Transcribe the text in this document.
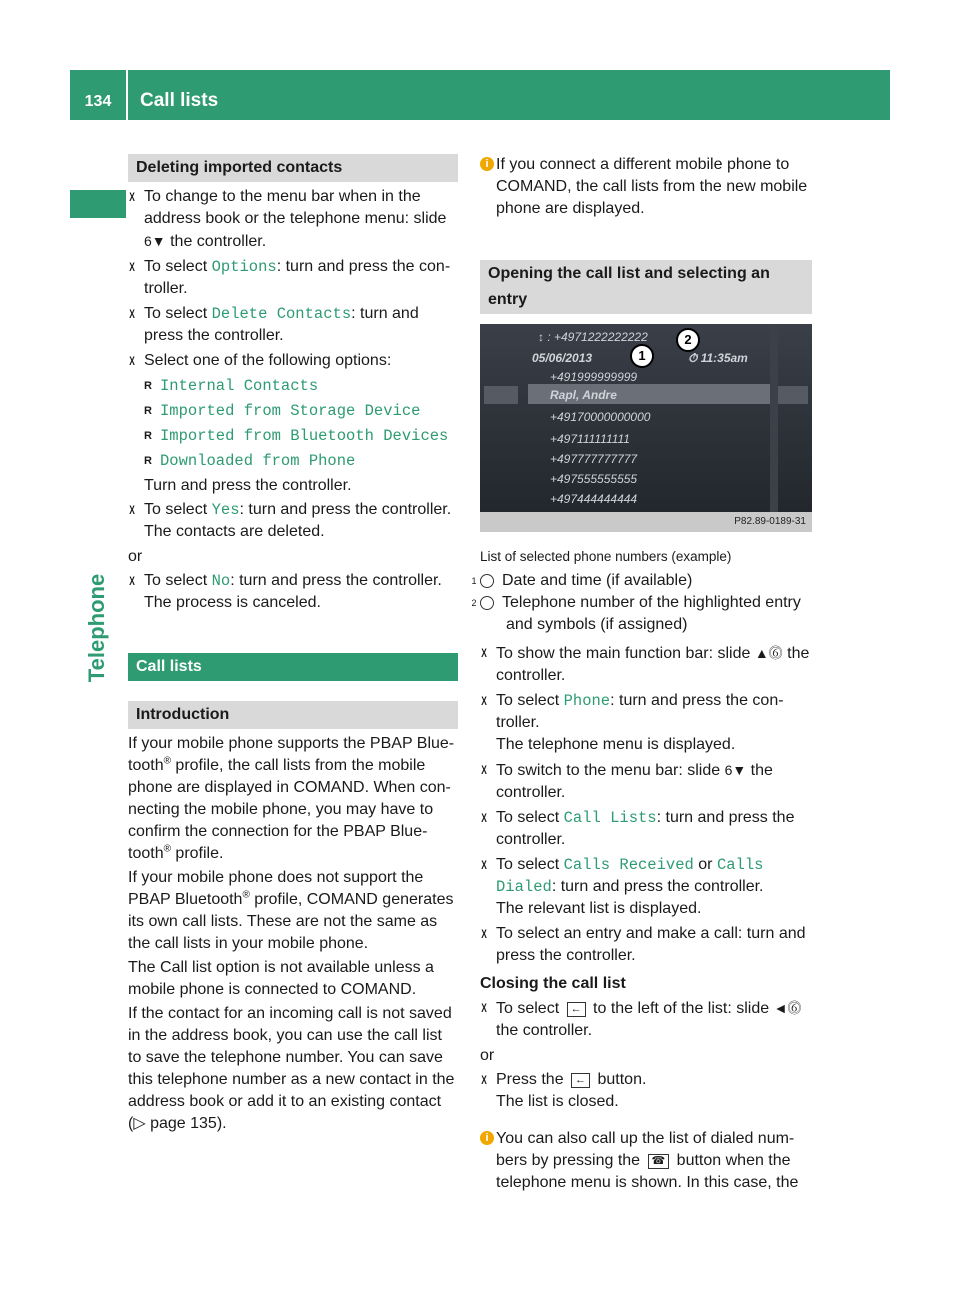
134	Call lists
Telephone
Deleting imported contacts
X To change to the menu bar when in the address book or the telephone menu: slide 6▼ the controller.
X To select Options: turn and press the con-troller.
X To select Delete Contacts: turn and press the controller.
X Select one of the following options:
R Internal Contacts
R Imported from Storage Device
R Imported from Bluetooth Devices
R Downloaded from Phone

Turn and press the controller.

X To select Yes: turn and press the controller.
The contacts are deleted.

or

X To select No: turn and press the controller.
The process is canceled.
Call lists
Introduction

If your mobile phone supports the PBAP Blue-tooth® profile, the call lists from the mobile phone are displayed in COMAND. When con-necting the mobile phone, you may have to confirm the connection for the PBAP Blue-tooth® profile.

If your mobile phone does not support the PBAP Bluetooth® profile, COMAND generates its own call lists. These are not the same as the call lists in your mobile phone.

The Call list option is not available unless a mobile phone is connected to COMAND.

If the contact for an incoming call is not saved in the address book, you can use the call list to save the telephone number. You can save this telephone number as a new contact in the address book or add it to an existing contact (▷ page 135).

i If you connect a different mobile phone to COMAND, the call lists from the new mobile phone are displayed.
Opening the call list and selecting an entry
↕ : +4971222222222
05/06/2013	⏱ 11:35am
+491999999999
Rapl, Andre
+49170000000000
+497111111111
+497777777777
+497555555555
+497444444444
1
2
P82.89-0189-31

List of selected phone numbers (example)

1 Date and time (if available)
2 Telephone number of the highlighted entry and symbols (if assigned)
X To show the main function bar: slide ▲⓺ the controller.
X To select Phone: turn and press the con-troller.
The telephone menu is displayed.
X To switch to the menu bar: slide 6▼ the controller.
X To select Call Lists: turn and press the controller.
X To select Calls Received or Calls Dialed: turn and press the controller.
The relevant list is displayed.
X To select an entry and make a call: turn and press the controller.

Closing the call list

X To select ← to the left of the list: slide ◄⓺ the controller.

or

X Press the ← button.
The list is closed.
i You can also call up the list of dialed num-bers by pressing the ☎ button when the telephone menu is shown. In this case, the
